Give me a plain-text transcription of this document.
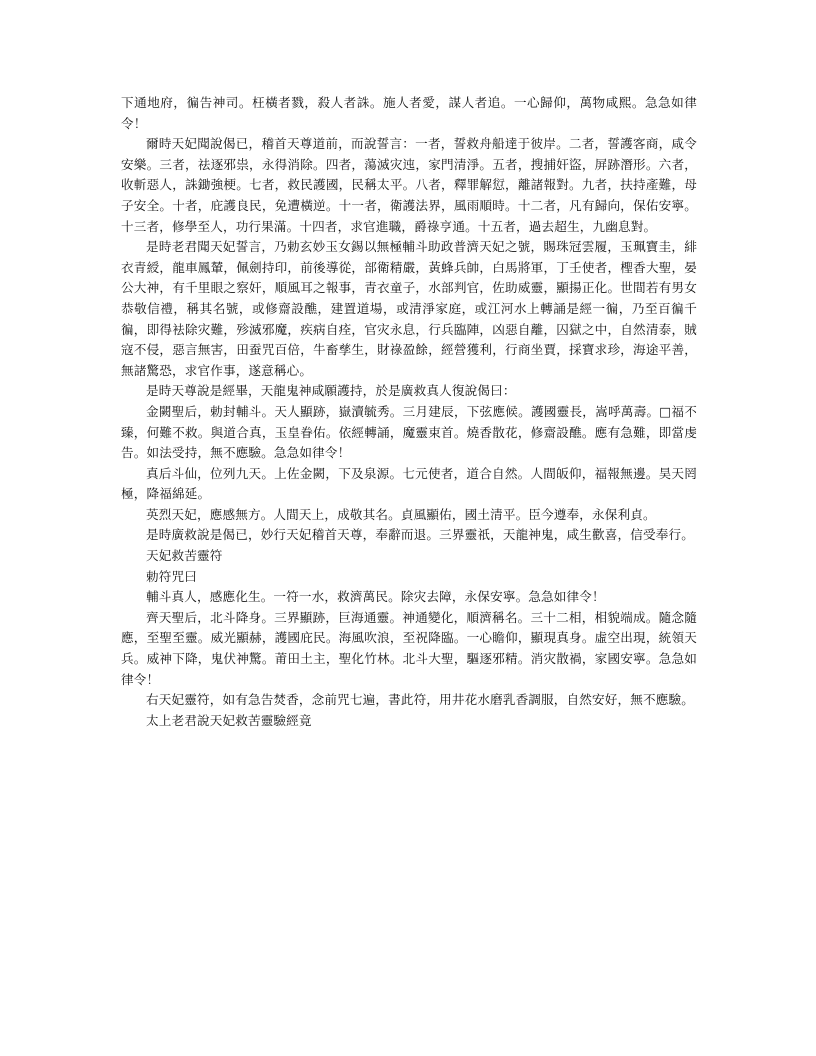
下通地府，徧告神司。枉橫者戮，殺人者誅。施人者愛，謀人者追。一心歸仰，萬物咸熙。急急如律令！

爾時天妃聞說偈已，稽首天尊道前，而說誓言：一者，誓救舟船達于彼岸。二者，誓護客商，咸令安樂。三者，祛逐邪祟，永得消除。四者，蕩滅灾迍，家門清淨。五者，搜捕奸盜，屏跡潛形。六者，收斬惡人，誅鋤強梗。七者，救民護國，民稱太平。八者，釋罪解愆，離諸報對。九者，扶持產難，母子安全。十者，庇護良民，免遭橫逆。十一者，衛護法界，風雨順時。十二者，凡有歸向，保佑安寧。十三者，修學至人，功行果滿。十四者，求官進職，爵祿亨通。十五者，過去超生，九幽息對。

是時老君聞天妃誓言，乃勅玄妙玉女錫以無極輔斗助政普濟天妃之號，賜珠冠雲履，玉珮寶圭，緋衣青綬，龍車鳳輦，佩劍持印，前後導從，部衛精嚴，黃蜂兵帥，白馬將軍，丁壬使者，檉香大聖，晏公大神，有千里眼之察奸，順風耳之報事，青衣童子，水部判官，佐助威靈，顯揚正化。世間若有男女恭敬信禮，稱其名號，或修齋設醮，建置道場，或清淨家庭，或江河水上轉誦是經一徧，乃至百徧千徧，即得袪除灾難，殄滅邪魔，疾病自痊，官灾永息，行兵臨陣，凶惡自離，囚獄之中，自然清泰，賊寇不侵，惡言無害，田蚕咒百倍，牛畜孳生，財祿盈餘，經營獲利，行商坐賈，採寶求珍，海途平善，無諸驚恐，求官作事，遂意稱心。

是時天尊說是經畢，天龍鬼神咸願護持，於是廣救真人復說偈曰：

金闕聖后，勅封輔斗。天人顯跡，嶽瀆毓秀。三月建辰，下弦應候。護國靈長，嵩呼萬壽。□福不臻，何難不救。與道合真，玉皇眷佑。依經轉誦，魔靈束首。燒香散花，修齋設醮。應有急難，即當虔告。如法受持，無不應驗。急急如律令！

真后斗仙，位列九天。上佐金闕，下及泉源。七元使者，道合自然。人間皈仰，福報無邊。昊天罔極，降福綿延。

英烈天妃，應感無方。人間天上，成敬其名。貞風顯佑，國土清平。臣今遵奉，永保利貞。

是時廣救說是偈已，妙行天妃稽首天尊，奉辭而退。三界靈祇，天龍神鬼，咸生歡喜，信受奉行。

天妃救苦靈符

勅符咒曰

輔斗真人，感應化生。一符一水，救濟萬民。除灾去障，永保安寧。急急如律令！

齊天聖后，北斗降身。三界顯跡，巨海通靈。神通變化，順濟稱名。三十二相，相貌端成。隨念隨應，至聖至靈。威光顯赫，護國庇民。海風吹浪，至祝降臨。一心瞻仰，顯現真身。虛空出現，統領天兵。威神下降，鬼伏神驚。莆田土主，聖化竹林。北斗大聖，驅逐邪精。消灾散禍，家國安寧。急急如律令！

右天妃靈符，如有急告焚香，念前咒七遍，書此符，用井花水磨乳香調服，自然安好，無不應驗。

太上老君說天妃救苦靈驗經竟
